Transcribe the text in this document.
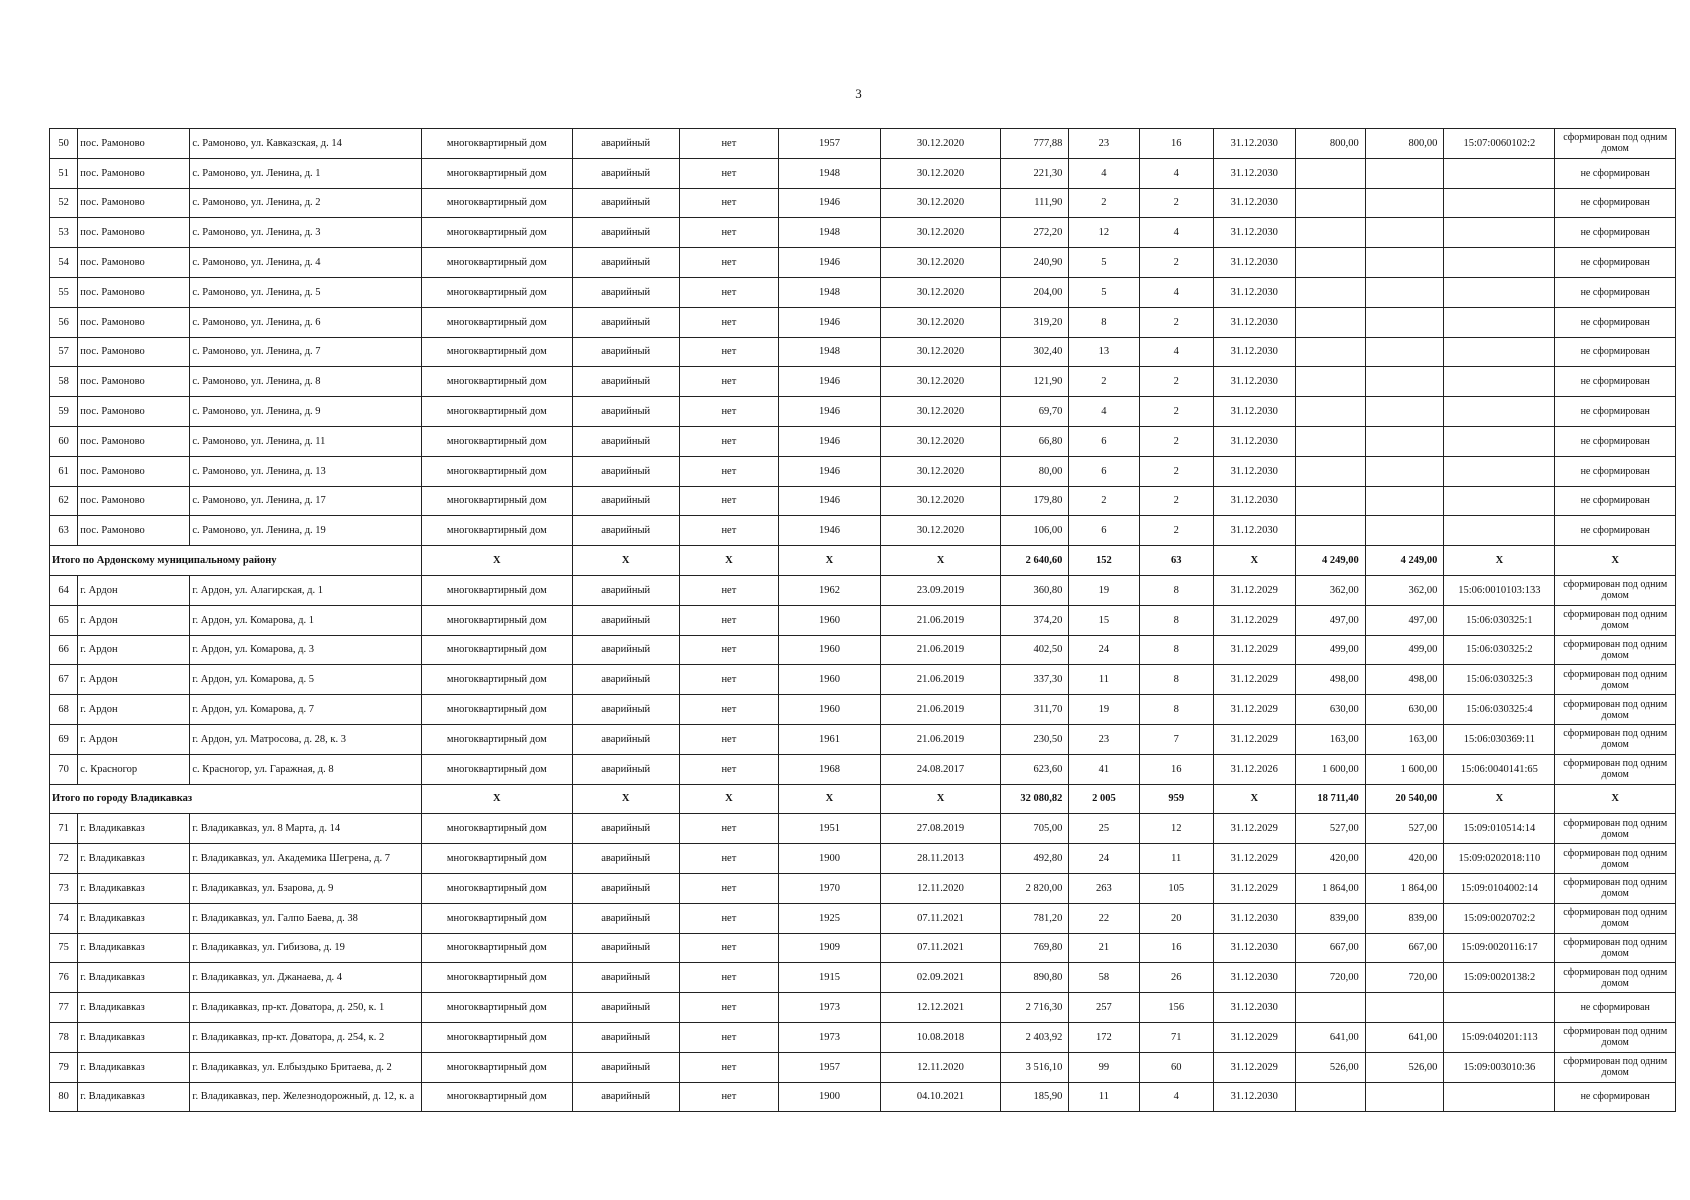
3
50	пос. Рамоново	с. Рамоново, ул. Кавказская, д. 14	многоквартирный дом	аварийный	нет	1957	30.12.2020	777,88	23	16	31.12.2030	800,00	800,00	15:07:0060102:2	сформирован под одним домом
51	пос. Рамоново	с. Рамоново, ул. Ленина, д. 1	многоквартирный дом	аварийный	нет	1948	30.12.2020	221,30	4	4	31.12.2030				не сформирован
52	пос. Рамоново	с. Рамоново, ул. Ленина, д. 2	многоквартирный дом	аварийный	нет	1946	30.12.2020	111,90	2	2	31.12.2030				не сформирован
53	пос. Рамоново	с. Рамоново, ул. Ленина, д. 3	многоквартирный дом	аварийный	нет	1948	30.12.2020	272,20	12	4	31.12.2030				не сформирован
54	пос. Рамоново	с. Рамоново, ул. Ленина, д. 4	многоквартирный дом	аварийный	нет	1946	30.12.2020	240,90	5	2	31.12.2030				не сформирован
55	пос. Рамоново	с. Рамоново, ул. Ленина, д. 5	многоквартирный дом	аварийный	нет	1948	30.12.2020	204,00	5	4	31.12.2030				не сформирован
56	пос. Рамоново	с. Рамоново, ул. Ленина, д. 6	многоквартирный дом	аварийный	нет	1946	30.12.2020	319,20	8	2	31.12.2030				не сформирован
57	пос. Рамоново	с. Рамоново, ул. Ленина, д. 7	многоквартирный дом	аварийный	нет	1948	30.12.2020	302,40	13	4	31.12.2030				не сформирован
58	пос. Рамоново	с. Рамоново, ул. Ленина, д. 8	многоквартирный дом	аварийный	нет	1946	30.12.2020	121,90	2	2	31.12.2030				не сформирован
59	пос. Рамоново	с. Рамоново, ул. Ленина, д. 9	многоквартирный дом	аварийный	нет	1946	30.12.2020	69,70	4	2	31.12.2030				не сформирован
60	пос. Рамоново	с. Рамоново, ул. Ленина, д. 11	многоквартирный дом	аварийный	нет	1946	30.12.2020	66,80	6	2	31.12.2030				не сформирован
61	пос. Рамоново	с. Рамоново, ул. Ленина, д. 13	многоквартирный дом	аварийный	нет	1946	30.12.2020	80,00	6	2	31.12.2030				не сформирован
62	пос. Рамоново	с. Рамоново, ул. Ленина, д. 17	многоквартирный дом	аварийный	нет	1946	30.12.2020	179,80	2	2	31.12.2030				не сформирован
63	пос. Рамоново	с. Рамоново, ул. Ленина, д. 19	многоквартирный дом	аварийный	нет	1946	30.12.2020	106,00	6	2	31.12.2030				не сформирован
Итого по Ардонскому муниципальному району			X	X	X	X	X	2 640,60	152	63	X	4 249,00	4 249,00	X	X
64	г. Ардон	г. Ардон, ул. Алагирская, д. 1	многоквартирный дом	аварийный	нет	1962	23.09.2019	360,80	19	8	31.12.2029	362,00	362,00	15:06:0010103:133	сформирован под одним домом
65	г. Ардон	г. Ардон, ул. Комарова, д. 1	многоквартирный дом	аварийный	нет	1960	21.06.2019	374,20	15	8	31.12.2029	497,00	497,00	15:06:030325:1	сформирован под одним домом
66	г. Ардон	г. Ардон, ул. Комарова, д. 3	многоквартирный дом	аварийный	нет	1960	21.06.2019	402,50	24	8	31.12.2029	499,00	499,00	15:06:030325:2	сформирован под одним домом
67	г. Ардон	г. Ардон, ул. Комарова, д. 5	многоквартирный дом	аварийный	нет	1960	21.06.2019	337,30	11	8	31.12.2029	498,00	498,00	15:06:030325:3	сформирован под одним домом
68	г. Ардон	г. Ардон, ул. Комарова, д. 7	многоквартирный дом	аварийный	нет	1960	21.06.2019	311,70	19	8	31.12.2029	630,00	630,00	15:06:030325:4	сформирован под одним домом
69	г. Ардон	г. Ардон, ул. Матросова, д. 28, к. 3	многоквартирный дом	аварийный	нет	1961	21.06.2019	230,50	23	7	31.12.2029	163,00	163,00	15:06:030369:11	сформирован под одним домом
70	с. Красногор	с. Красногор, ул. Гаражная, д. 8	многоквартирный дом	аварийный	нет	1968	24.08.2017	623,60	41	16	31.12.2026	1 600,00	1 600,00	15:06:0040141:65	сформирован под одним домом
Итого по городу Владикавказ			X	X	X	X	X	32 080,82	2 005	959	X	18 711,40	20 540,00	X	X
71	г. Владикавказ	г. Владикавказ, ул. 8 Марта, д. 14	многоквартирный дом	аварийный	нет	1951	27.08.2019	705,00	25	12	31.12.2029	527,00	527,00	15:09:010514:14	сформирован под одним домом
72	г. Владикавказ	г. Владикавказ, ул. Академика Шегрена, д. 7	многоквартирный дом	аварийный	нет	1900	28.11.2013	492,80	24	11	31.12.2029	420,00	420,00	15:09:0202018:110	сформирован под одним домом
73	г. Владикавказ	г. Владикавказ, ул. Бзарова, д. 9	многоквартирный дом	аварийный	нет	1970	12.11.2020	2 820,00	263	105	31.12.2029	1 864,00	1 864,00	15:09:0104002:14	сформирован под одним домом
74	г. Владикавказ	г. Владикавказ, ул. Галпо Баева, д. 38	многоквартирный дом	аварийный	нет	1925	07.11.2021	781,20	22	20	31.12.2030	839,00	839,00	15:09:0020702:2	сформирован под одним домом
75	г. Владикавказ	г. Владикавказ, ул. Гибизова, д. 19	многоквартирный дом	аварийный	нет	1909	07.11.2021	769,80	21	16	31.12.2030	667,00	667,00	15:09:0020116:17	сформирован под одним домом
76	г. Владикавказ	г. Владикавказ, ул. Джанаева, д. 4	многоквартирный дом	аварийный	нет	1915	02.09.2021	890,80	58	26	31.12.2030	720,00	720,00	15:09:0020138:2	сформирован под одним домом
77	г. Владикавказ	г. Владикавказ, пр-кт. Доватора, д. 250, к. 1	многоквартирный дом	аварийный	нет	1973	12.12.2021	2 716,30	257	156	31.12.2030				не сформирован
78	г. Владикавказ	г. Владикавказ, пр-кт. Доватора, д. 254, к. 2	многоквартирный дом	аварийный	нет	1973	10.08.2018	2 403,92	172	71	31.12.2029	641,00	641,00	15:09:040201:113	сформирован под одним домом
79	г. Владикавказ	г. Владикавказ, ул. Елбыздыко Бритаева, д. 2	многоквартирный дом	аварийный	нет	1957	12.11.2020	3 516,10	99	60	31.12.2029	526,00	526,00	15:09:003010:36	сформирован под одним домом
80	г. Владикавказ	г. Владикавказ, пер. Железнодорожный, д. 12, к. а	многоквартирный дом	аварийный	нет	1900	04.10.2021	185,90	11	4	31.12.2030				не сформирован
